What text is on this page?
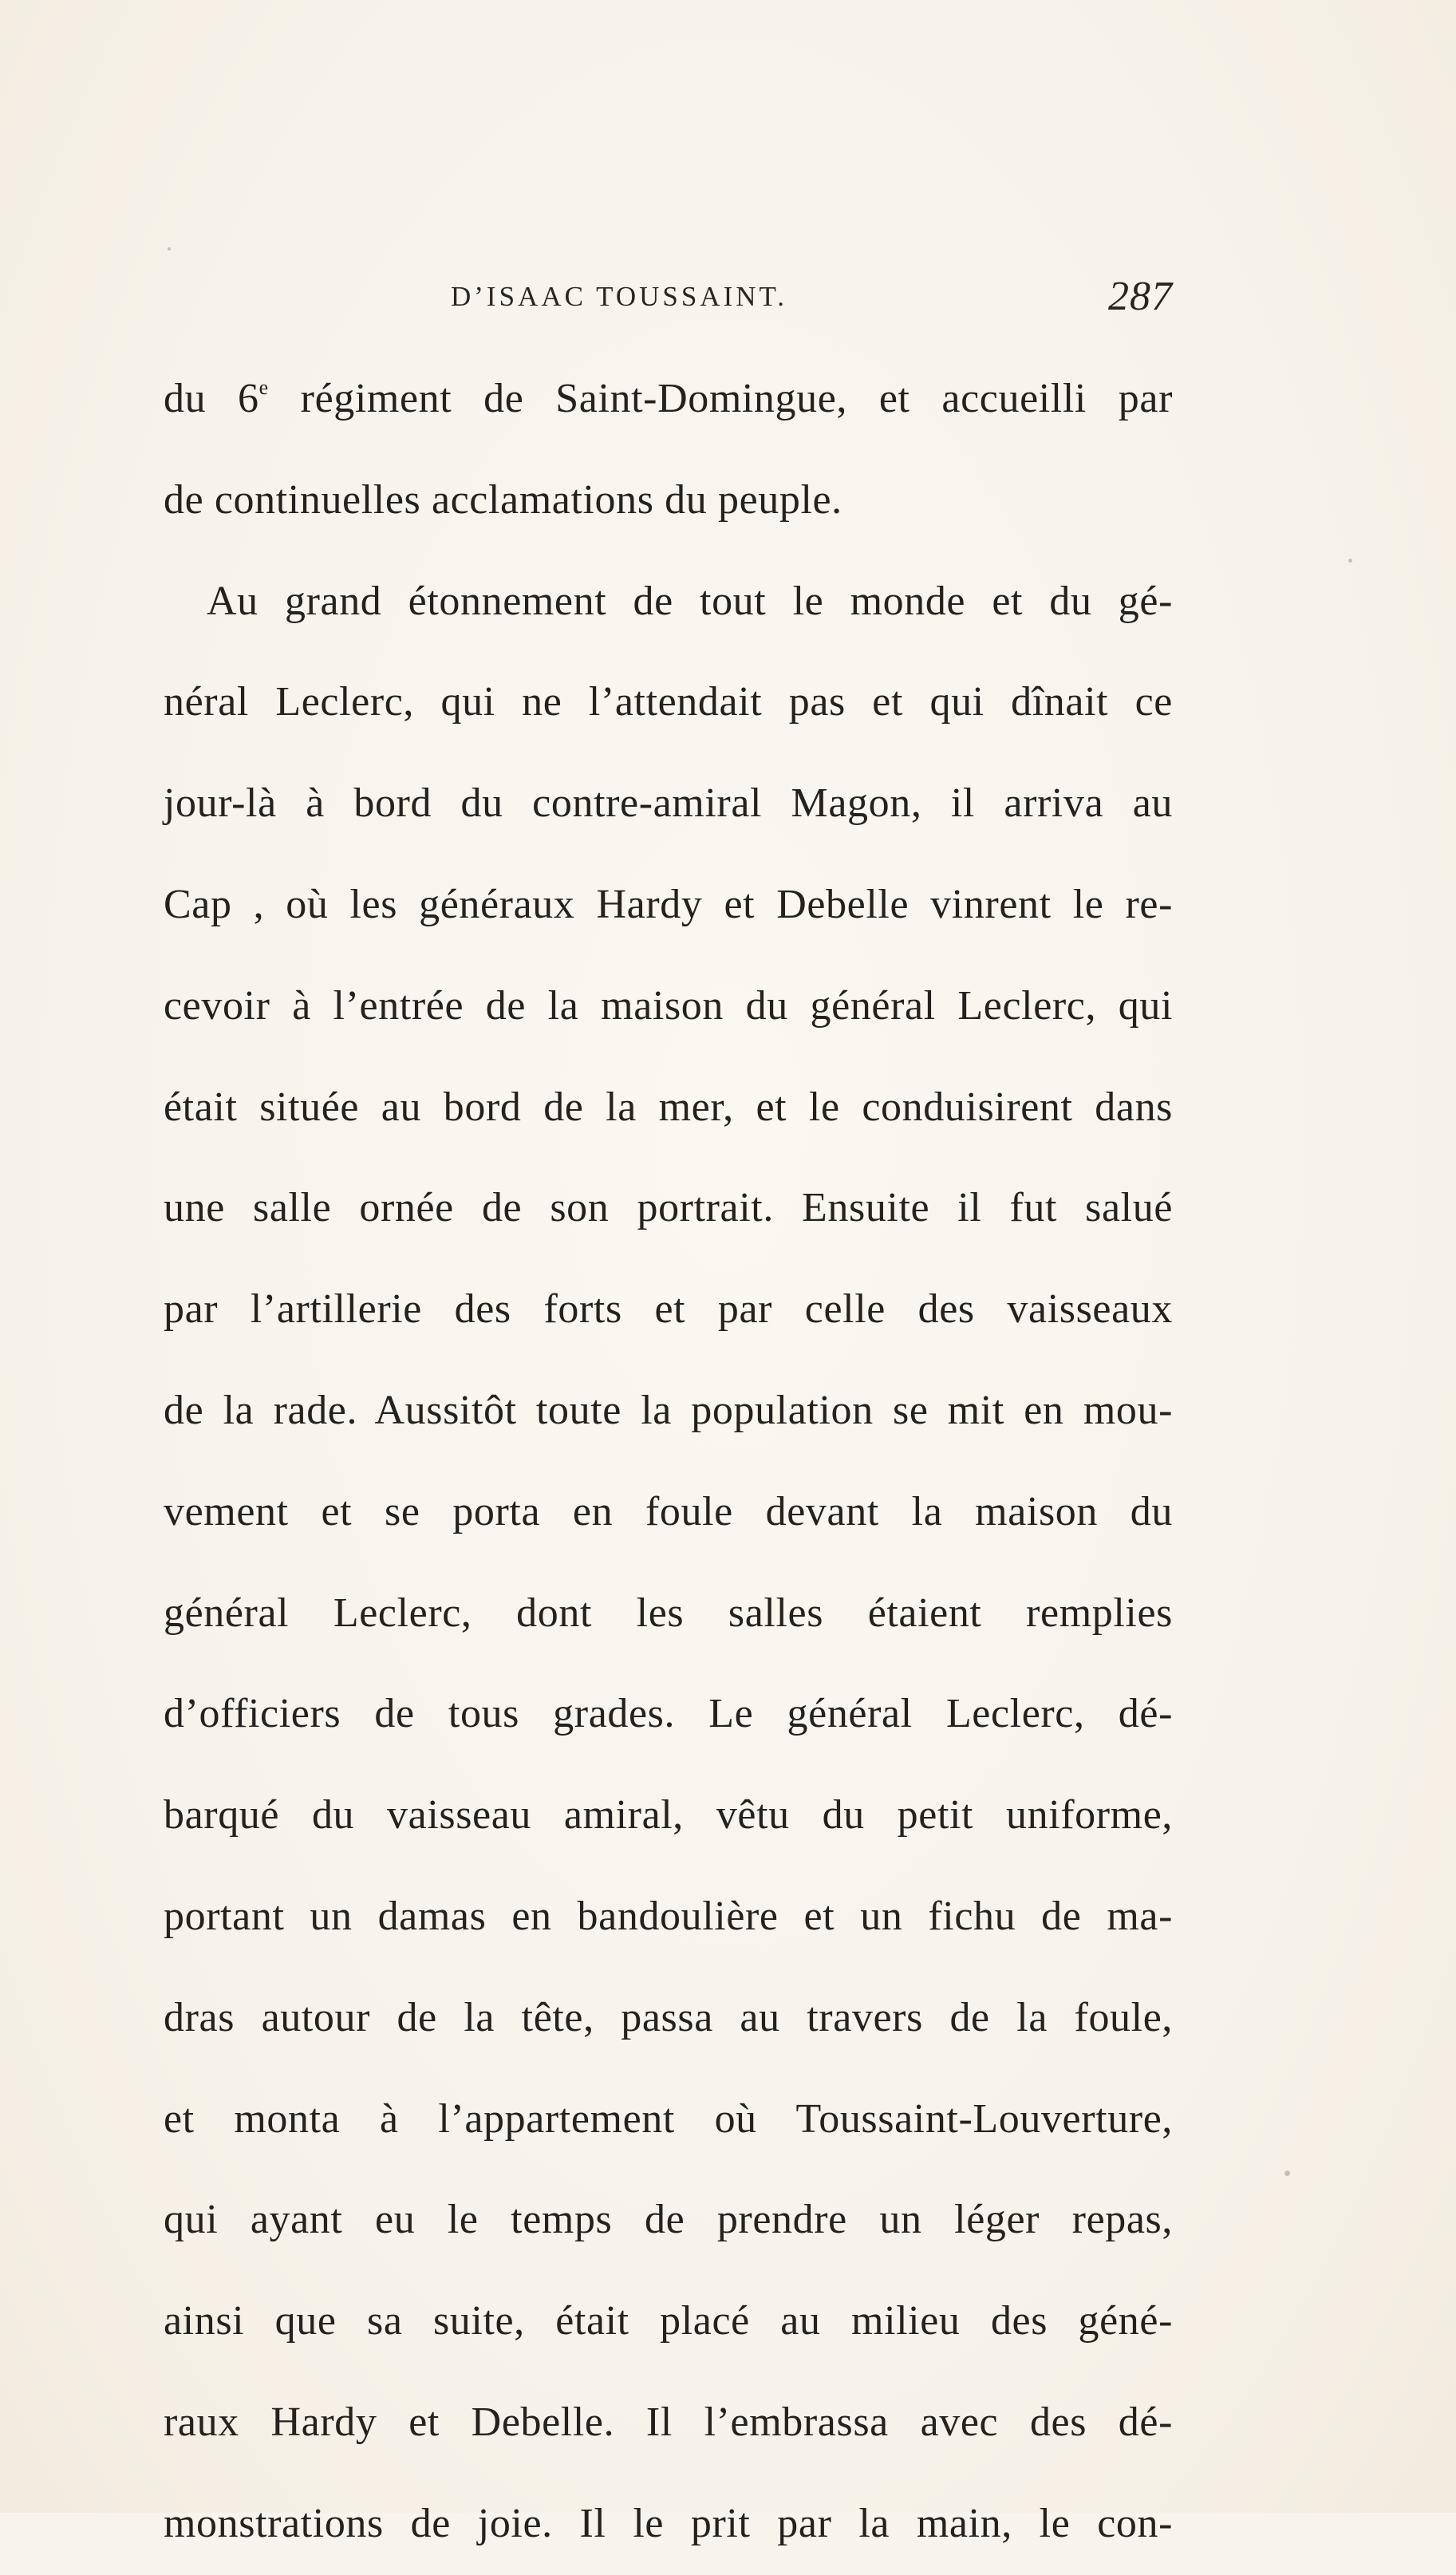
D’ISAAC TOUSSAINT.	287
du 6e régiment de Saint-Domingue, et accueilli par
de continuelles acclamations du peuple.
Au grand étonnement de tout le monde et du gé-
néral Leclerc, qui ne l’attendait pas et qui dînait ce
jour-là à bord du contre-amiral Magon, il arriva au
Cap , où les généraux Hardy et Debelle vinrent le re-
cevoir à l’entrée de la maison du général Leclerc, qui
était située au bord de la mer, et le conduisirent dans
une salle ornée de son portrait. Ensuite il fut salué
par l’artillerie des forts et par celle des vaisseaux
de la rade. Aussitôt toute la population se mit en mou-
vement et se porta en foule devant la maison du
général Leclerc, dont les salles étaient remplies
d’officiers de tous grades. Le général Leclerc, dé-
barqué du vaisseau amiral, vêtu du petit uniforme,
portant un damas en bandoulière et un fichu de ma-
dras autour de la tête, passa au travers de la foule,
et monta à l’appartement où Toussaint-Louverture,
qui ayant eu le temps de prendre un léger repas,
ainsi que sa suite, était placé au milieu des géné-
raux Hardy et Debelle. Il l’embrassa avec des dé-
monstrations de joie. Il le prit par la main, le con-
